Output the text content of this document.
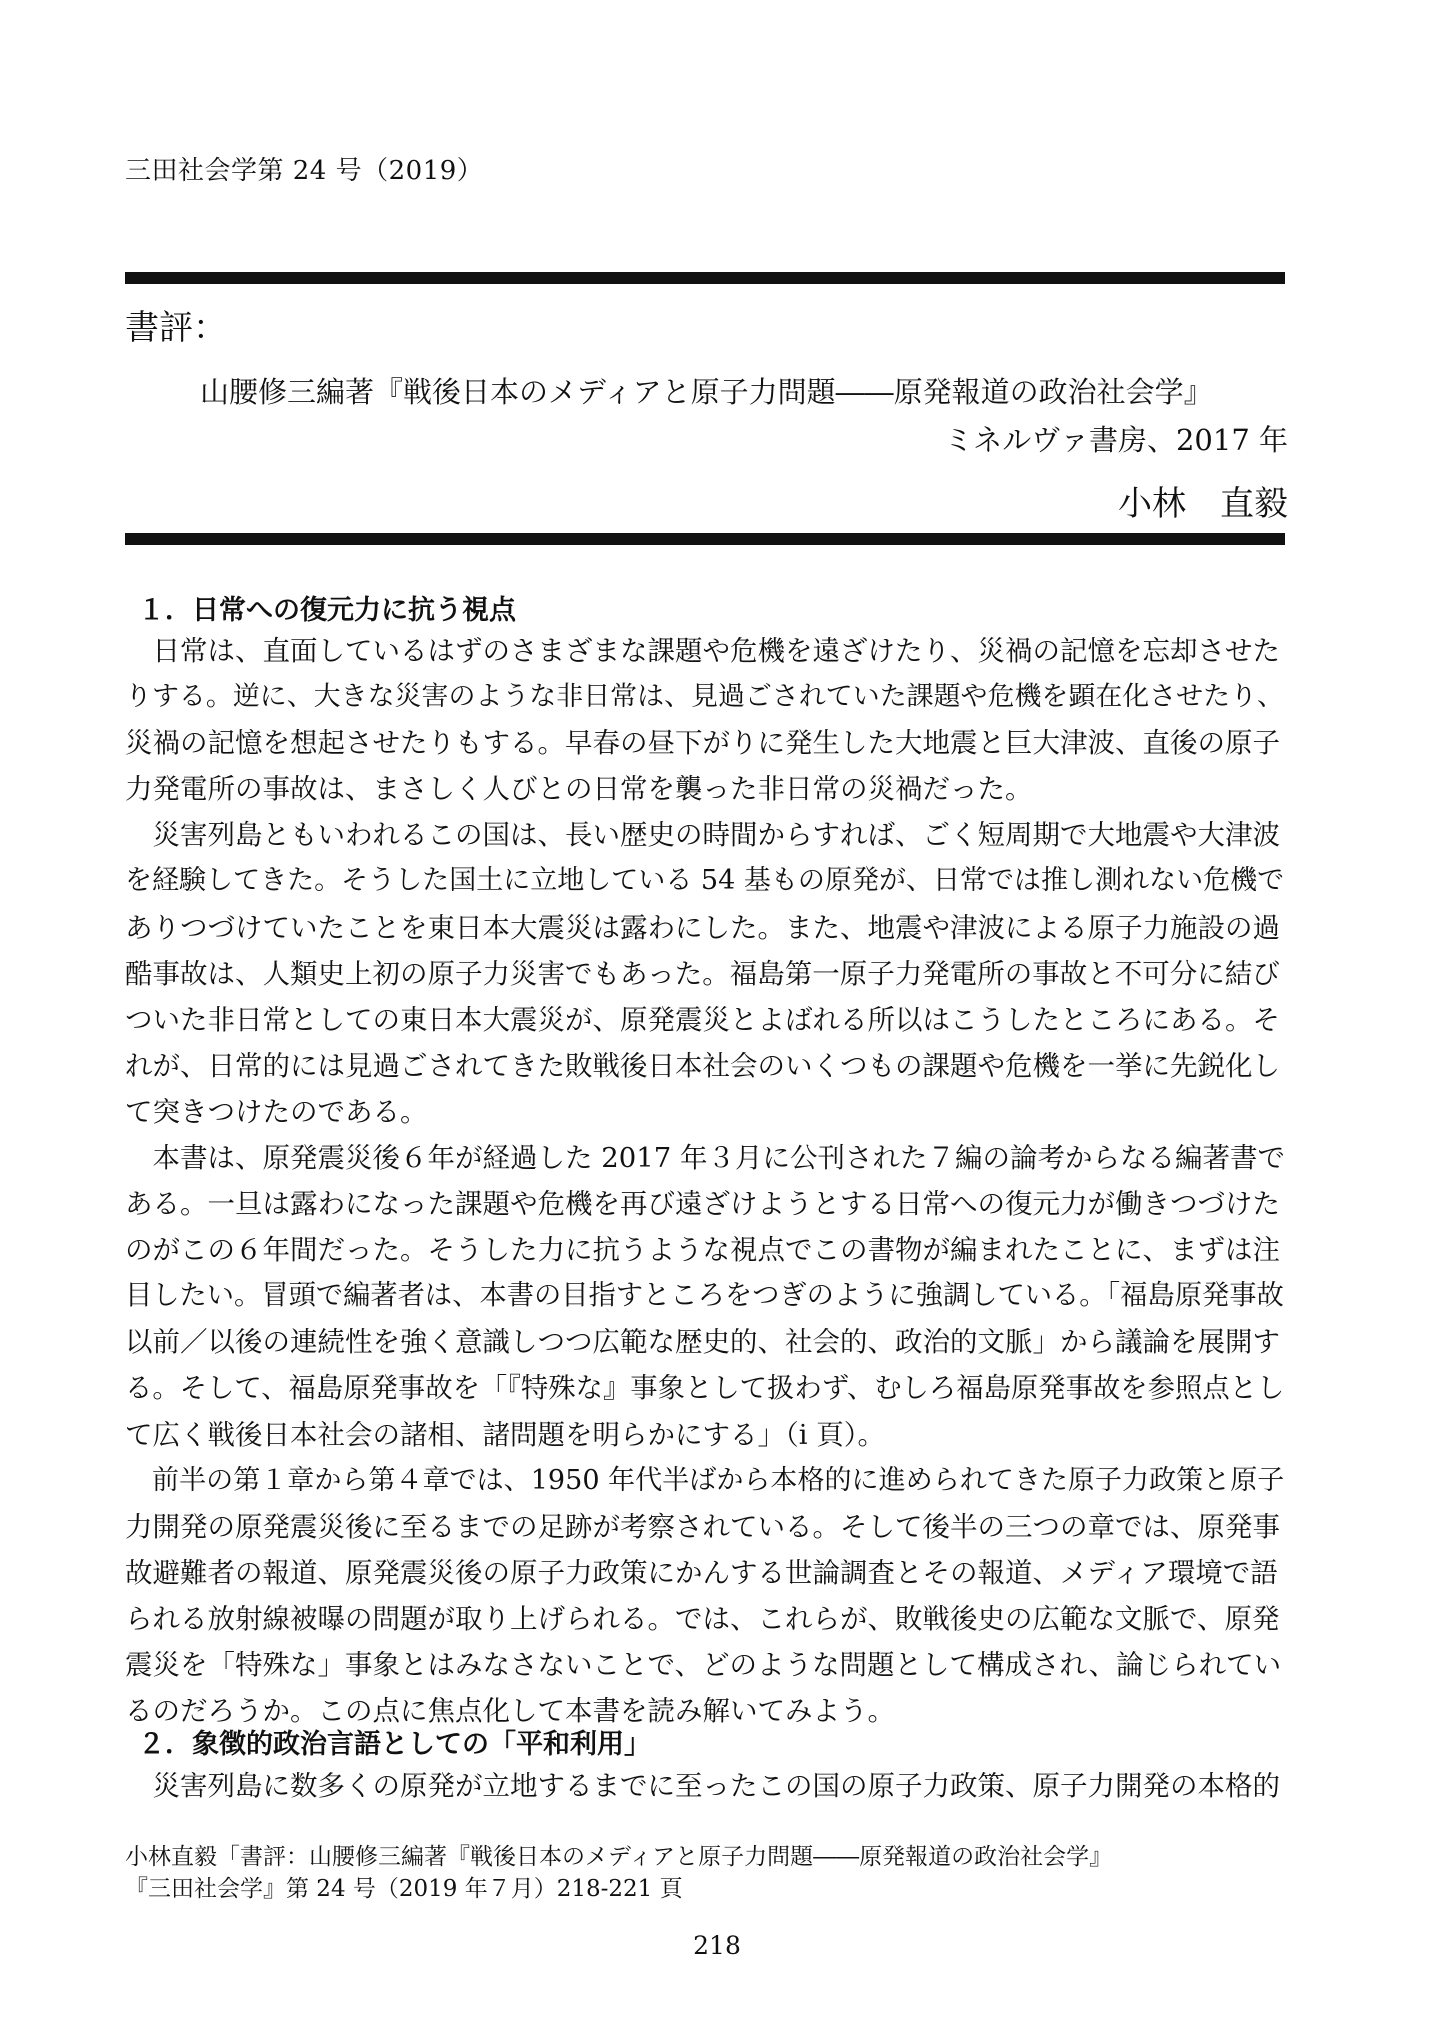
三田社会学第 24 号（2019）
書評：
山腰修三編著『戦後日本のメディアと原子力問題――原発報道の政治社会学』
ミネルヴァ書房、2017 年
小林　直毅
１．日常への復元力に抗う視点
　日常は、直面しているはずのさまざまな課題や危機を遠ざけたり、災禍の記憶を忘却させた
りする。逆に、大きな災害のような非日常は、見過ごされていた課題や危機を顕在化させたり、
災禍の記憶を想起させたりもする。早春の昼下がりに発生した大地震と巨大津波、直後の原子
力発電所の事故は、まさしく人びとの日常を襲った非日常の災禍だった。
　災害列島ともいわれるこの国は、長い歴史の時間からすれば、ごく短周期で大地震や大津波
を経験してきた。そうした国土に立地している 54 基もの原発が、日常では推し測れない危機で
ありつづけていたことを東日本大震災は露わにした。また、地震や津波による原子力施設の過
酷事故は、人類史上初の原子力災害でもあった。福島第一原子力発電所の事故と不可分に結び
ついた非日常としての東日本大震災が、原発震災とよばれる所以はこうしたところにある。そ
れが、日常的には見過ごされてきた敗戦後日本社会のいくつもの課題や危機を一挙に先鋭化し
て突きつけたのである。
　本書は、原発震災後６年が経過した 2017 年３月に公刊された７編の論考からなる編著書で
ある。一旦は露わになった課題や危機を再び遠ざけようとする日常への復元力が働きつづけた
のがこの６年間だった。そうした力に抗うような視点でこの書物が編まれたことに、まずは注
目したい。冒頭で編著者は、本書の目指すところをつぎのように強調している。「福島原発事故
以前／以後の連続性を強く意識しつつ広範な歴史的、社会的、政治的文脈」から議論を展開す
る。そして、福島原発事故を「『特殊な』事象として扱わず、むしろ福島原発事故を参照点とし
て広く戦後日本社会の諸相、諸問題を明らかにする」（i 頁）。
　前半の第１章から第４章では、1950 年代半ばから本格的に進められてきた原子力政策と原子
力開発の原発震災後に至るまでの足跡が考察されている。そして後半の三つの章では、原発事
故避難者の報道、原発震災後の原子力政策にかんする世論調査とその報道、メディア環境で語
られる放射線被曝の問題が取り上げられる。では、これらが、敗戦後史の広範な文脈で、原発
震災を「特殊な」事象とはみなさないことで、どのような問題として構成され、論じられてい
るのだろうか。この点に焦点化して本書を読み解いてみよう。
２．象徴的政治言語としての「平和利用」
　災害列島に数多くの原発が立地するまでに至ったこの国の原子力政策、原子力開発の本格的
小林直毅「書評：山腰修三編著『戦後日本のメディアと原子力問題――原発報道の政治社会学』
『三田社会学』第 24 号（2019 年７月）218-221 頁
218
